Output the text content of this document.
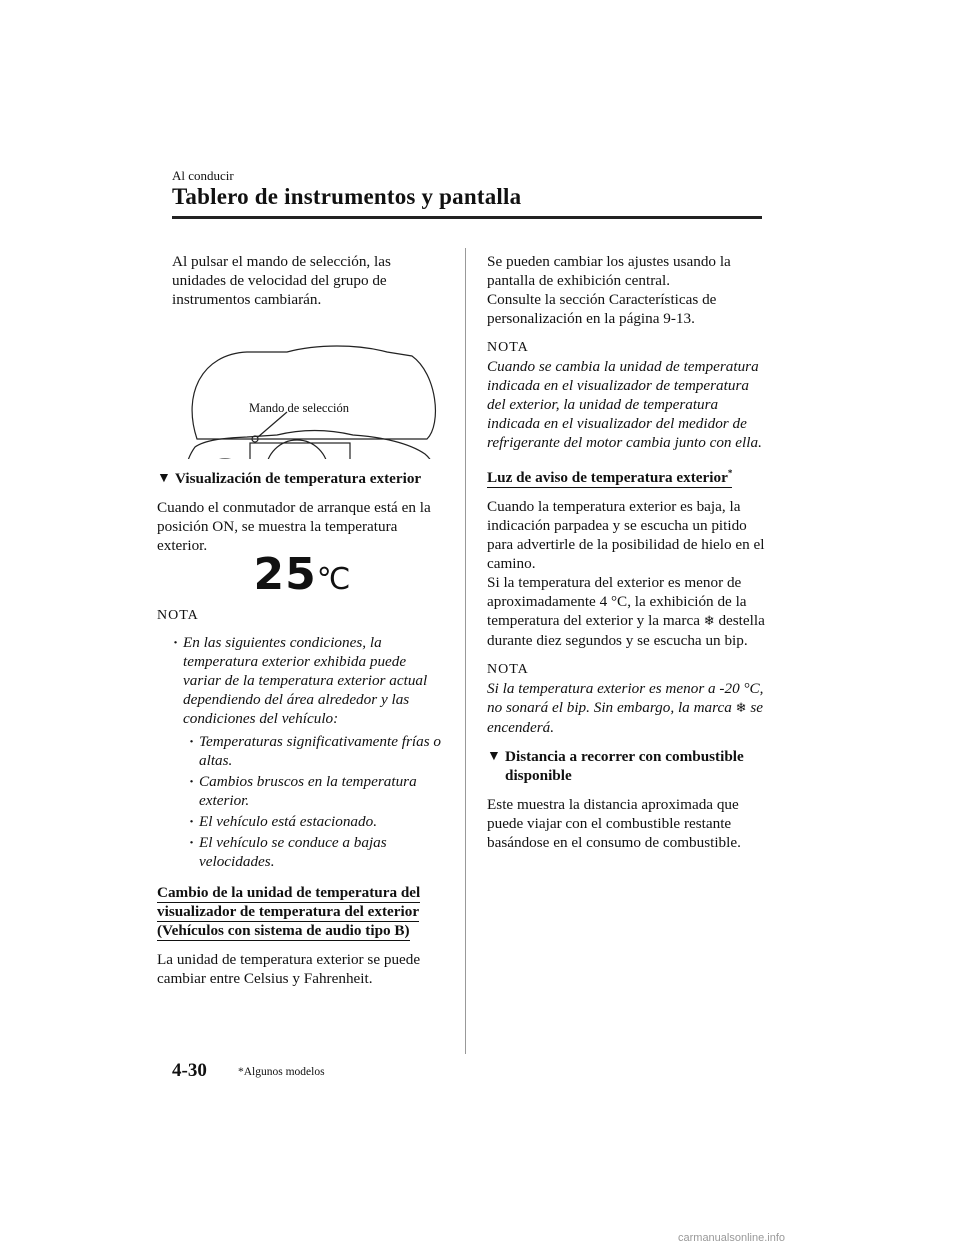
Al conducir
Tablero de instrumentos y pantalla

Al pulsar el mando de selección, las unidades de velocidad del grupo de instrumentos cambiarán.

Mando de selección
▼ Visualización de temperatura exterior

Cuando el conmutador de arranque está en la posición ON, se muestra la temperatura exterior.

25℃
NOTA
· En las siguientes condiciones, la temperatura exterior exhibida puede variar de la temperatura exterior actual dependiendo del área alrededor y las condiciones del vehículo:
· Temperaturas significativamente frías o altas.
· Cambios bruscos en la temperatura exterior.
· El vehículo está estacionado.
· El vehículo se conduce a bajas velocidades.
Cambio de la unidad de temperatura del visualizador de temperatura del exterior (Vehículos con sistema de audio tipo B)

La unidad de temperatura exterior se puede cambiar entre Celsius y Fahrenheit.

Se pueden cambiar los ajustes usando la pantalla de exhibición central.

Consulte la sección Características de personalización en la página 9-13.

NOTA

Cuando se cambia la unidad de temperatura indicada en el visualizador de temperatura del exterior, la unidad de temperatura indicada en el visualizador del medidor de refrigerante del motor cambia junto con ella.

Luz de aviso de temperatura exterior*
Cuando la temperatura exterior es baja, la indicación parpadea y se escucha un pitido para advertirle de la posibilidad de hielo en el camino.

Si la temperatura del exterior es menor de aproximadamente 4 °C, la exhibición de la temperatura del exterior y la marca ❄ destella durante diez segundos y se escucha un bip.

NOTA

Si la temperatura exterior es menor a -20 °C, no sonará el bip. Sin embargo, la marca ❄ se encenderá.

▼ Distancia a recorrer con combustible disponible

Este muestra la distancia aproximada que puede viajar con el combustible restante basándose en el consumo de combustible.

4-30	*Algunos modelos
carmanualsonline.info
